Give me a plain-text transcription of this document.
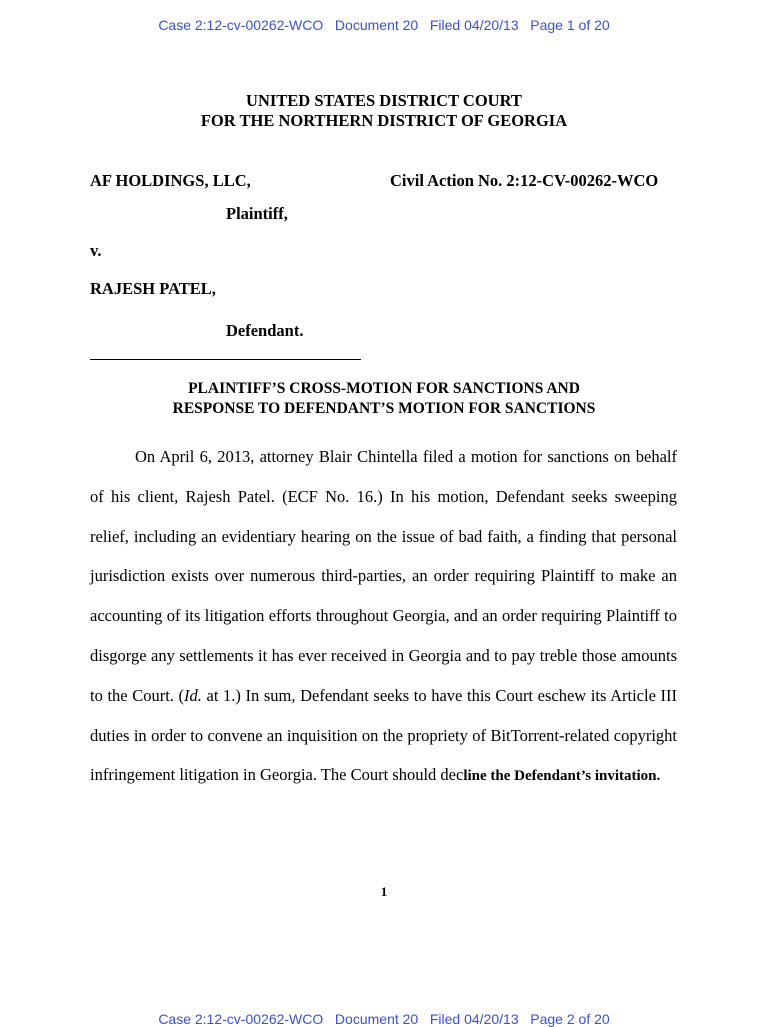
Case 2:12-cv-00262-WCO   Document 20   Filed 04/20/13   Page 1 of 20
UNITED STATES DISTRICT COURT
FOR THE NORTHERN DISTRICT OF GEORGIA
AF HOLDINGS, LLC,	Civil Action No. 2:12-CV-00262-WCO
Plaintiff,
v.
RAJESH PATEL,
Defendant.
PLAINTIFF’S CROSS-MOTION FOR SANCTIONS AND
RESPONSE TO DEFENDANT’S MOTION FOR SANCTIONS

On April 6, 2013, attorney Blair Chintella filed a motion for sanctions on behalf of his client, Rajesh Patel. (ECF No. 16.) In his motion, Defendant seeks sweeping relief, including an evidentiary hearing on the issue of bad faith, a finding that personal jurisdiction exists over numerous third-parties, an order requiring Plaintiff to make an accounting of its litigation efforts throughout Georgia, and an order requiring Plaintiff to disgorge any settlements it has ever received in Georgia and to pay treble those amounts to the Court. (Id. at 1.) In sum, Defendant seeks to have this Court eschew its Article III duties in order to convene an inquisition on the propriety of BitTorrent-related copyright infringement litigation in Georgia. The Court should decline the Defendant’s invitation.

1
Case 2:12-cv-00262-WCO   Document 20   Filed 04/20/13   Page 2 of 20
